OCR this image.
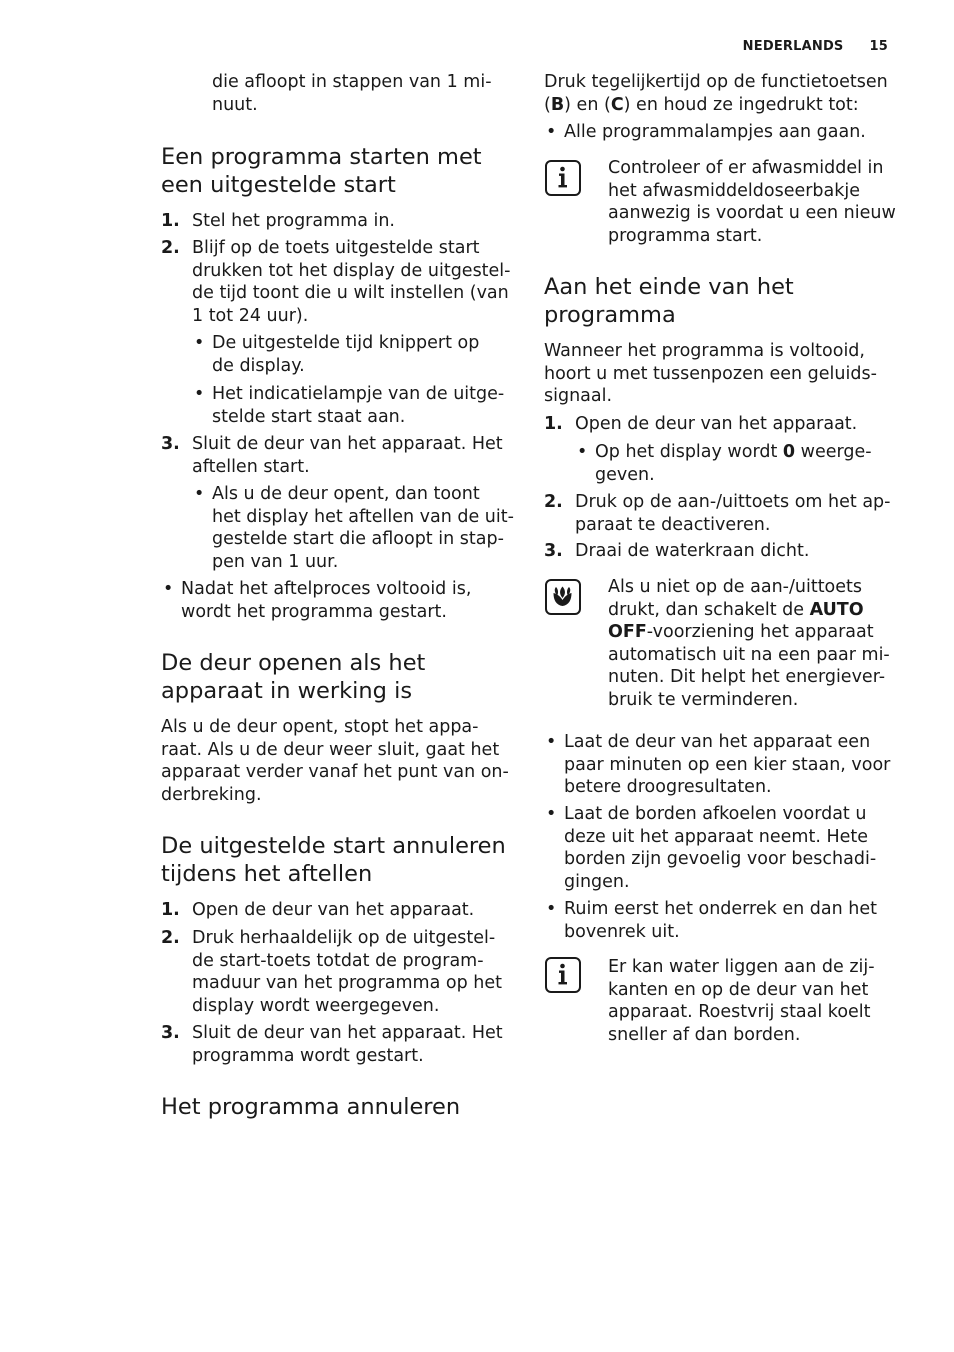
NEDERLANDS 15
die afloopt in stappen van 1 mi-
nuut.
Een programma starten met
een uitgestelde start
1. Stel het programma in.
2. Blijf op de toets uitgestelde start
drukken tot het display de uitgestel-
de tijd toont die u wilt instellen (van
1 tot 24 uur).
• De uitgestelde tijd knippert op
de display.
• Het indicatielampje van de uitge-
stelde start staat aan.
3. Sluit de deur van het apparaat. Het
aftellen start.
• Als u de deur opent, dan toont
het display het aftellen van de uit-
gestelde start die afloopt in stap-
pen van 1 uur.
• Nadat het aftelproces voltooid is,
wordt het programma gestart.
De deur openen als het
apparaat in werking is
Als u de deur opent, stopt het appa-
raat. Als u de deur weer sluit, gaat het
apparaat verder vanaf het punt van on-
derbreking.
De uitgestelde start annuleren
tijdens het aftellen
1. Open de deur van het apparaat.
2. Druk herhaaldelijk op de uitgestel-
de start-toets totdat de program-
maduur van het programma op het
display wordt weergegeven.
3. Sluit de deur van het apparaat. Het
programma wordt gestart.
Het programma annuleren
Druk tegelijkertijd op de functietoetsen
(B) en (C) en houd ze ingedrukt tot:
• Alle programmalampjes aan gaan.
Controleer of er afwasmiddel in
het afwasmiddeldoseerbakje
aanwezig is voordat u een nieuw
programma start.
Aan het einde van het
programma
Wanneer het programma is voltooid,
hoort u met tussenpozen een geluids-
signaal.
1. Open de deur van het apparaat.
• Op het display wordt 0 weerge-
geven.
2. Druk op de aan-/uittoets om het ap-
paraat te deactiveren.
3. Draai de waterkraan dicht.
Als u niet op de aan-/uittoets
drukt, dan schakelt de AUTO
OFF-voorziening het apparaat
automatisch uit na een paar mi-
nuten. Dit helpt het energiever-
bruik te verminderen.
• Laat de deur van het apparaat een
paar minuten op een kier staan, voor
betere droogresultaten.
• Laat de borden afkoelen voordat u
deze uit het apparaat neemt. Hete
borden zijn gevoelig voor beschadi-
gingen.
• Ruim eerst het onderrek en dan het
bovenrek uit.
Er kan water liggen aan de zij-
kanten en op de deur van het
apparaat. Roestvrij staal koelt
sneller af dan borden.
